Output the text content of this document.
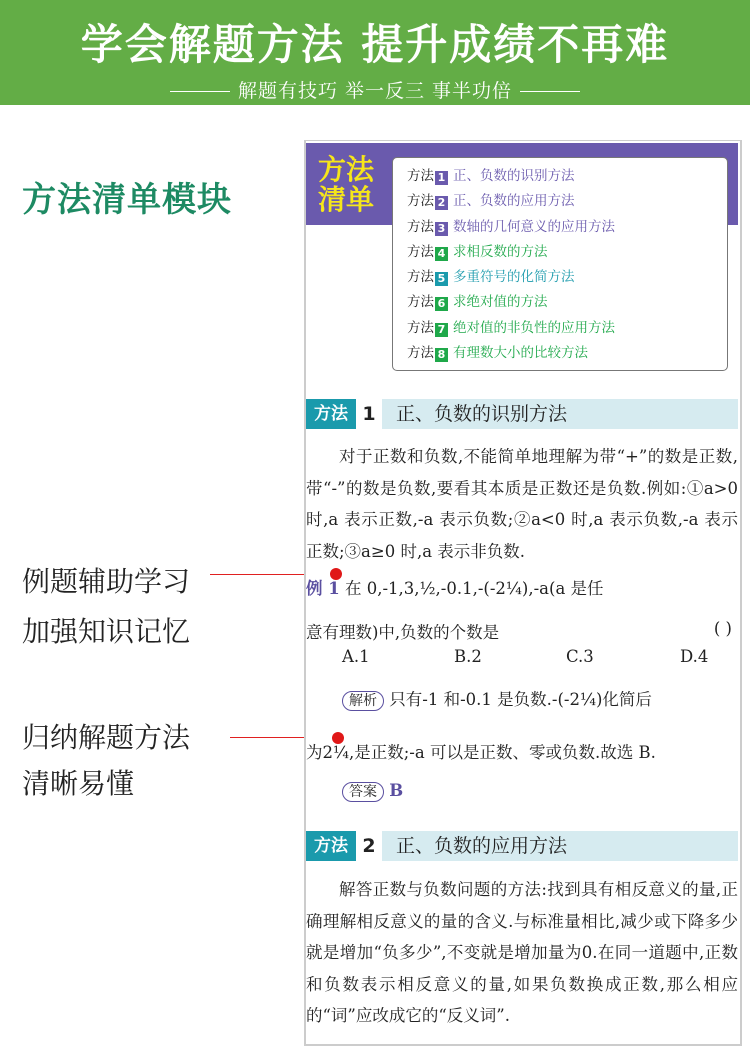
学会解题方法 提升成绩不再难
解题有技巧 举一反三 事半功倍
方法清单模块
例题辅助学习
加强知识记忆
归纳解题方法
清晰易懂
方法
清单
方法 1 正、负数的识别方法
方法 2 正、负数的应用方法
方法 3 数轴的几何意义的应用方法
方法 4 求相反数的方法
方法 5 多重符号的化简方法
方法 6 求绝对值的方法
方法 7 绝对值的非负性的应用方法
方法 8 有理数大小的比较方法
方法 1	正、负数的识别方法
对于正数和负数,不能简单地理解为带“+”的数是正数,带“-”的数是负数,要看其本质是正数还是负数.例如:①a>0 时,a 表示正数,-a 表示负数;②a<0 时,a 表示负数,-a 表示正数;③a≥0 时,a 表示非负数.
例 1 在 0,-1,3,½,-0.1,-(-2¼),-a(a 是任
意有理数)中,负数的个数是	( )
A.1	B.2	C.3	D.4
解析 只有-1 和-0.1 是负数.-(-2¼)化简后
为2¼,是正数;-a 可以是正数、零或负数.故选 B.
答案 B
方法 2	正、负数的应用方法
解答正数与负数问题的方法:找到具有相反意义的量,正确理解相反意义的量的含义.与标准量相比,减少或下降多少就是增加“负多少”,不变就是增加量为0.在同一道题中,正数和负数表示相反意义的量,如果负数换成正数,那么相应的“词”应改成它的“反义词”.
